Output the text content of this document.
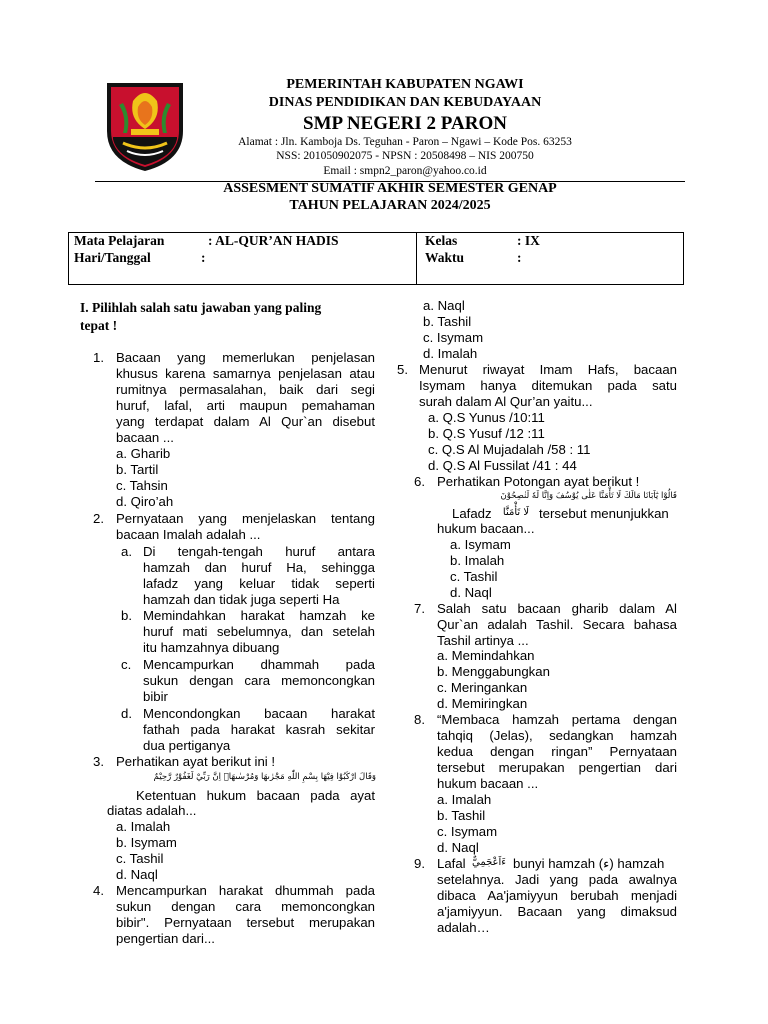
PEMERINTAH KABUPATEN NGAWI
DINAS PENDIDIKAN DAN KEBUDAYAAN
SMP NEGERI 2 PARON
Alamat : Jln. Kamboja Ds. Teguhan - Paron – Ngawi – Kode Pos. 63253
NSS: 201050902075 - NPSN : 20508498 – NIS 200750
Email : smpn2_paron@yahoo.co.id
ASSESMENT SUMATIF AKHIR SEMESTER GENAP
TAHUN PELAJARAN 2024/2025
Mata Pelajaran	: AL-QUR’AN HADIS
Hari/Tanggal	:
Kelas	: IX
Waktu	:
I. Pilihlah salah satu jawaban yang paling
tepat !
1. Bacaan yang memerlukan penjelasan
khusus karena samarnya penjelasan atau
rumitnya permasalahan, baik dari segi
huruf, lafal, arti maupun pemahaman
yang terdapat dalam Al Qur`an disebut
bacaan ...
a. Gharib
b. Tartil
c. Tahsin
d. Qiro’ah
2. Pernyataan yang menjelaskan tentang
bacaan Imalah adalah ...
a. Di tengah-tengah huruf antara
hamzah dan huruf Ha, sehingga
lafadz yang keluar tidak seperti
hamzah dan tidak juga seperti Ha
b. Memindahkan harakat hamzah ke
huruf mati sebelumnya, dan setelah
itu hamzahnya dibuang
c. Mencampurkan dhammah pada
sukun dengan cara memoncongkan
bibir
d. Mencondongkan bacaan harakat
fathah pada harakat kasrah sekitar
dua pertiganya
3. Perhatikan ayat berikut ini !
وَقَالَ ارْكَبُوْا فِيْهَا بِسْمِ اللّٰهِ مَجْرٰىهَا وَمُرْسٰىهَاۗ اِنَّ رَبِّيْ لَغَفُوْرٌ رَّحِيْمٌ
Ketentuan hukum bacaan pada ayat
diatas adalah...
a. Imalah
b. Isymam
c. Tashil
d. Naql
4. Mencampurkan harakat dhummah pada
sukun dengan cara memoncongkan
bibir". Pernyataan tersebut merupakan
pengertian dari...
a. Naql
b. Tashil
c. Isymam
d. Imalah
5. Menurut riwayat Imam Hafs, bacaan
Isymam hanya ditemukan pada satu
surah dalam Al Qur’an yaitu...
a. Q.S Yunus /10:11
b. Q.S Yusuf /12 :11
c. Q.S Al Mujadalah /58 : 11
d. Q.S Al Fussilat /41 : 44
6. Perhatikan Potongan ayat berikut !
قَالُوْا يٰٓاَبَانَا مَالَكَ لَا تَأْمَنَّا عَلٰى يُوْسُفَ وَاِنَّا لَهٗ لَنٰصِحُوْنَ
Lafadz	لَا تَأْمَنَّا tersebut menunjukkan
hukum bacaan...
a. Isymam
b. Imalah
c. Tashil
d. Naql
7. Salah satu bacaan gharib dalam Al
Qur`an adalah Tashil. Secara bahasa
Tashil artinya ...
a. Memindahkan
b. Menggabungkan
c. Meringankan
d. Memiringkan
8. “Membaca hamzah pertama dengan
tahqiq (Jelas), sedangkan hamzah
kedua dengan ringan” Pernyataan
tersebut merupakan pengertian dari
hukum bacaan ...
a. Imalah
b. Tashil
c. Isymam
d. Naql
9. Lafal ءَاَعْجَمِيٌّ bunyi hamzah (ء) hamzah
setelahnya. Jadi yang pada awalnya
dibaca Aa'jamiyyun berubah menjadi
a'jamiyyun. Bacaan yang dimaksud
adalah…
